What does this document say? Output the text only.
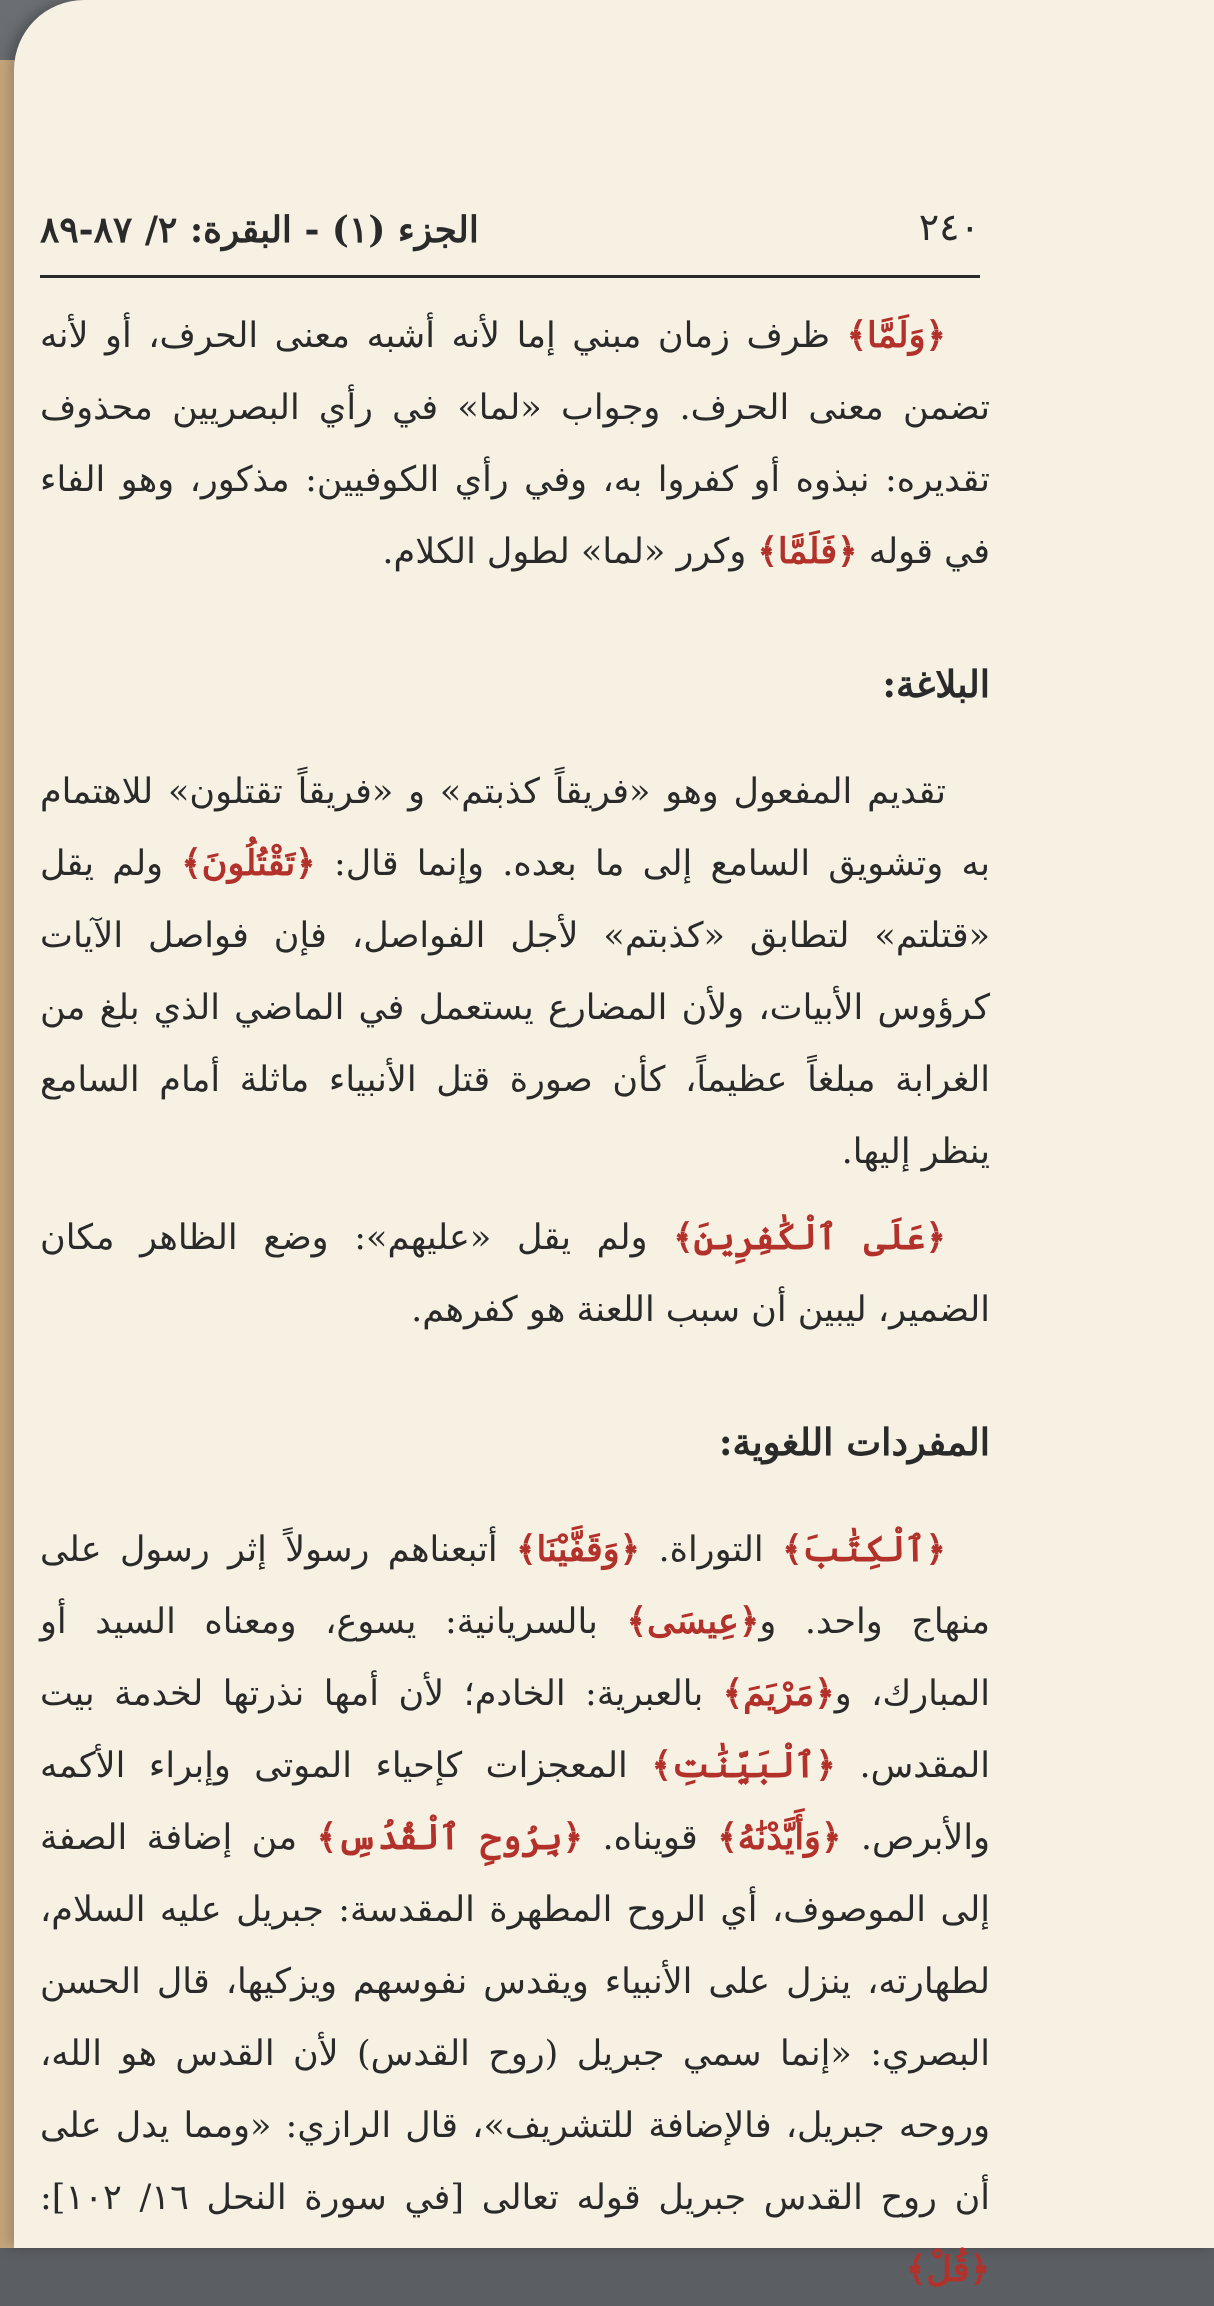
٢٤٠
الجزء (١) - البقرة: ٢/ ٨٧-٨٩

﴿وَلَمَّا﴾ ظرف زمان مبني إما لأنه أشبه معنى الحرف، أو لأنه تضمن معنى الحرف. وجواب «لما» في رأي البصريين محذوف تقديره: نبذوه أو كفروا به، وفي رأي الكوفيين: مذكور، وهو الفاء في قوله ﴿فَلَمَّا﴾ وكرر «لما» لطول الكلام.

البلاغة:

تقديم المفعول وهو «فريقاً كذبتم» و «فريقاً تقتلون» للاهتمام به وتشويق السامع إلى ما بعده. وإنما قال: ﴿تَقْتُلُونَ﴾ ولم يقل «قتلتم» لتطابق «كذبتم» لأجل الفواصل، فإن فواصل الآيات كرؤوس الأبيات، ولأن المضارع يستعمل في الماضي الذي بلغ من الغرابة مبلغاً عظيماً، كأن صورة قتل الأنبياء ماثلة أمام السامع ينظر إليها.

﴿عَلَى ٱلْكَٰفِرِينَ﴾ ولم يقل «عليهم»: وضع الظاهر مكان الضمير، ليبين أن سبب اللعنة هو كفرهم.

المفردات اللغوية:

﴿ٱلْكِتَٰبَ﴾ التوراة. ﴿وَقَفَّيْنَا﴾ أتبعناهم رسولاً إثر رسول على منهاج واحد. و﴿عِيسَى﴾ بالسريانية: يسوع، ومعناه السيد أو المبارك، و﴿مَرْيَمَ﴾ بالعبرية: الخادم؛ لأن أمها نذرتها لخدمة بيت المقدس. ﴿ٱلْبَيِّنَٰتِ﴾ المعجزات كإحياء الموتى وإبراء الأكمه والأبرص. ﴿وَأَيَّدْنَٰهُ﴾ قويناه. ﴿بِرُوحِ ٱلْقُدُسِ﴾ من إضافة الصفة إلى الموصوف، أي الروح المطهرة المقدسة: جبريل عليه السلام، لطهارته، ينزل على الأنبياء ويقدس نفوسهم ويزكيها، قال الحسن البصري: «إنما سمي جبريل (روح القدس) لأن القدس هو الله، وروحه جبريل، فالإضافة للتشريف»، قال الرازي: «ومما يدل على أن روح القدس جبريل قوله تعالى [في سورة النحل ١٦/ ١٠٢]: ﴿قُلْ﴾
